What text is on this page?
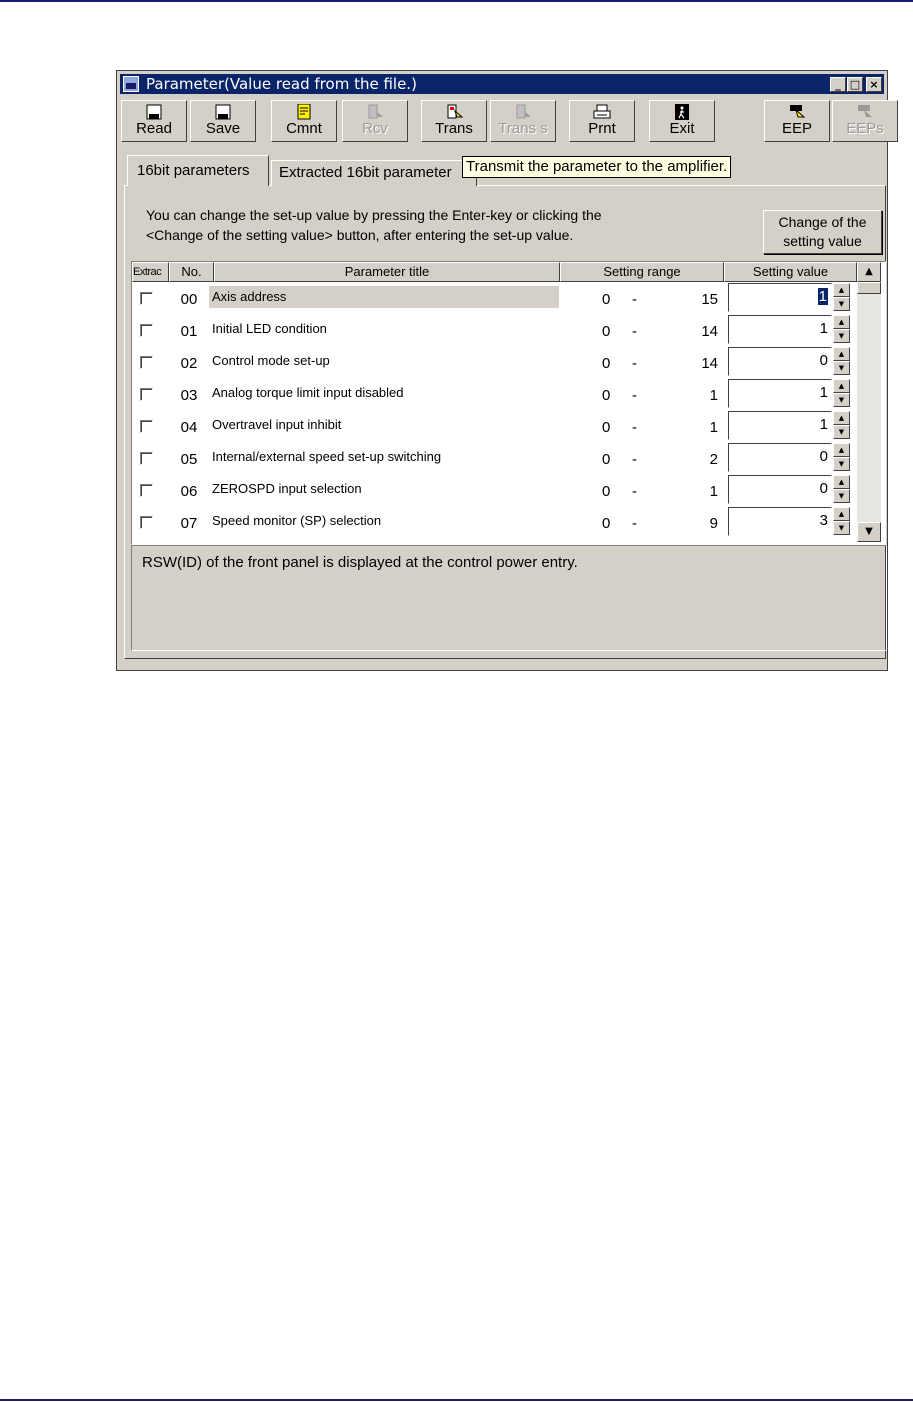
Parameter(Value read from the file.)	_ □ ×
Read	Save	Cmnt	Rcv	Trans	Trans s	Prnt	Exit	EEP	EEPs
16bit parameters	Extracted 16bit parameter Transmit the parameter to the amplifier.
You can change the set-up value by pressing the Enter-key or clicking the
<Change of the setting value> button, after entering the set-up value.
Change of the
setting value
Extrac	No.	Parameter title	Setting range	Setting value
00	Axis address	0	-	15	1	▲
▼
01	Initial LED condition	0	-	14	1	▲
▼
02	Control mode set-up	0	-	14	0	▲
▼
03	Analog torque limit input disabled	0	-	1	1	▲
▼
04	Overtravel input inhibit	0	-	1	1	▲
▼
05	Internal/external speed set-up switching	0	-	2	0	▲
▼
06	ZEROSPD input selection	0	-	1	0	▲
▼
07	Speed monitor (SP) selection	0	-	9	3	▲
▼
▲
▼
RSW(ID) of the front panel is displayed at the control power entry.
